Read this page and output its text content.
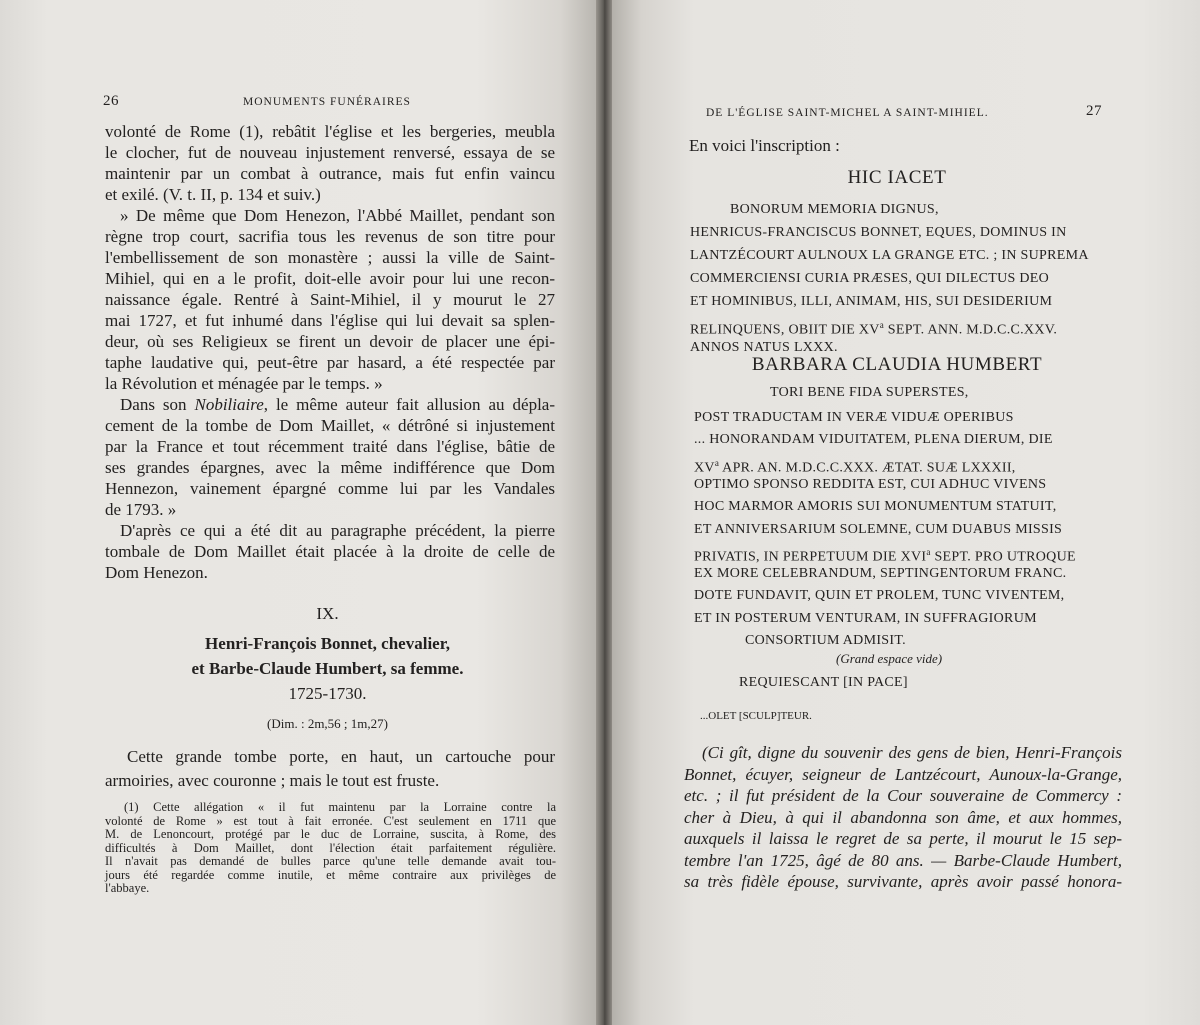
26	MONUMENTS FUNÉRAIRES
volonté de Rome (1), rebâtit l'église et les bergeries, meubla
le clocher, fut de nouveau injustement renversé, essaya de se
maintenir par un combat à outrance, mais fut enfin vaincu
et exilé. (V. t. II, p. 134 et suiv.)
» De même que Dom Henezon, l'Abbé Maillet, pendant son
règne trop court, sacrifia tous les revenus de son titre pour
l'embellissement de son monastère ; aussi la ville de Saint-
Mihiel, qui en a le profit, doit-elle avoir pour lui une recon-
naissance égale. Rentré à Saint-Mihiel, il y mourut le 27
mai 1727, et fut inhumé dans l'église qui lui devait sa splen-
deur, où ses Religieux se firent un devoir de placer une épi-
taphe laudative qui, peut-être par hasard, a été respectée par
la Révolution et ménagée par le temps. »
Dans son Nobiliaire, le même auteur fait allusion au dépla-
cement de la tombe de Dom Maillet, « détrôné si injustement
par la France et tout récemment traité dans l'église, bâtie de
ses grandes épargnes, avec la même indifférence que Dom
Hennezon, vainement épargné comme lui par les Vandales
de 1793. »
D'après ce qui a été dit au paragraphe précédent, la pierre
tombale de Dom Maillet était placée à la droite de celle de
Dom Henezon.
IX.
Henri-François Bonnet, chevalier,
et Barbe-Claude Humbert, sa femme.
1725-1730.
(Dim. : 2m,56 ; 1m,27)
Cette grande tombe porte, en haut, un cartouche pour
armoiries, avec couronne ; mais le tout est fruste.
(1) Cette allégation « il fut maintenu par la Lorraine contre la
volonté de Rome » est tout à fait erronée. C'est seulement en 1711 que
M. de Lenoncourt, protégé par le duc de Lorraine, suscita, à Rome, des
difficultés à Dom Maillet, dont l'élection était parfaitement régulière.
Il n'avait pas demandé de bulles parce qu'une telle demande avait tou-
jours été regardée comme inutile, et même contraire aux privilèges de
l'abbaye.
DE L'ÉGLISE SAINT-MICHEL A SAINT-MIHIEL.	27
En voici l'inscription :
HIC IACET
BONORUM MEMORIA DIGNUS,
HENRICUS-FRANCISCUS BONNET, EQUES, DOMINUS IN
LANTZÉCOURT AULNOUX LA GRANGE ETC. ; IN SUPREMA
COMMERCIENSI CURIA PRÆSES, QUI DILECTUS DEO
ET HOMINIBUS, ILLI, ANIMAM, HIS, SUI DESIDERIUM
RELINQUENS, OBIIT DIE $XV^a$ SEPT. ANN. M.D.C.C.XXV.
ANNOS NATUS LXXX.
BARBARA CLAUDIA HUMBERT
TORI BENE FIDA SUPERSTES,
POST TRADUCTAM IN VERÆ VIDUÆ OPERIBUS
... HONORANDAM VIDUITATEM, PLENA DIERUM, DIE
$XV^a$ APR. AN. M.D.C.C.XXX. ÆTAT. SUÆ LXXXII,
OPTIMO SPONSO REDDITA EST, CUI ADHUC VIVENS
HOC MARMOR AMORIS SUI MONUMENTUM STATUIT,
ET ANNIVERSARIUM SOLEMNE, CUM DUABUS MISSIS
PRIVATIS, IN PERPETUUM DIE XVI$^a$ SEPT. PRO UTROQUE
EX MORE CELEBRANDUM, SEPTINGENTORUM FRANC.
DOTE FUNDAVIT, QUIN ET PROLEM, TUNC VIVENTEM,
ET IN POSTERUM VENTURAM, IN SUFFRAGIORUM
CONSORTIUM ADMISIT.
(Grand espace vide)
REQUIESCANT [IN PACE]
...OLET [SCULP]TEUR.
(Ci gît, digne du souvenir des gens de bien, Henri-François
Bonnet, écuyer, seigneur de Lantzécourt, Aunoux-la-Grange,
etc. ; il fut président de la Cour souveraine de Commercy :
cher à Dieu, à qui il abandonna son âme, et aux hommes,
auxquels il laissa le regret de sa perte, il mourut le 15 sep-
tembre l'an 1725, âgé de 80 ans. — Barbe-Claude Humbert,
sa très fidèle épouse, survivante, après avoir passé honora-
